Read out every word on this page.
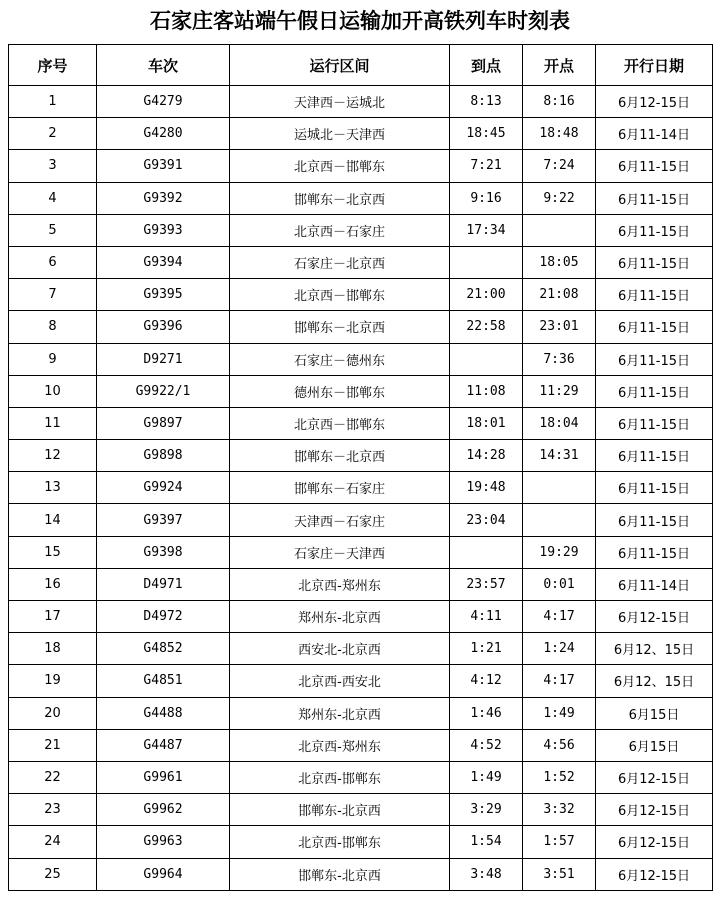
石家庄客站端午假日运输加开高铁列车时刻表
序号	车次	运行区间	到点	开点	开行日期
1	G4279	天津西－运城北	8:13	8:16	6月12-15日
2	G4280	运城北－天津西	18:45	18:48	6月11-14日
3	G9391	北京西－邯郸东	7:21	7:24	6月11-15日
4	G9392	邯郸东－北京西	9:16	9:22	6月11-15日
5	G9393	北京西－石家庄	17:34		6月11-15日
6	G9394	石家庄－北京西		18:05	6月11-15日
7	G9395	北京西－邯郸东	21:00	21:08	6月11-15日
8	G9396	邯郸东－北京西	22:58	23:01	6月11-15日
9	D9271	石家庄－德州东		7:36	6月11-15日
10	G9922/1	德州东－邯郸东	11:08	11:29	6月11-15日
11	G9897	北京西－邯郸东	18:01	18:04	6月11-15日
12	G9898	邯郸东－北京西	14:28	14:31	6月11-15日
13	G9924	邯郸东－石家庄	19:48		6月11-15日
14	G9397	天津西－石家庄	23:04		6月11-15日
15	G9398	石家庄－天津西		19:29	6月11-15日
16	D4971	北京西-郑州东	23:57	0:01	6月11-14日
17	D4972	郑州东-北京西	4:11	4:17	6月12-15日
18	G4852	西安北-北京西	1:21	1:24	6月12、15日
19	G4851	北京西-西安北	4:12	4:17	6月12、15日
20	G4488	郑州东-北京西	1:46	1:49	6月15日
21	G4487	北京西-郑州东	4:52	4:56	6月15日
22	G9961	北京西-邯郸东	1:49	1:52	6月12-15日
23	G9962	邯郸东-北京西	3:29	3:32	6月12-15日
24	G9963	北京西-邯郸东	1:54	1:57	6月12-15日
25	G9964	邯郸东-北京西	3:48	3:51	6月12-15日
